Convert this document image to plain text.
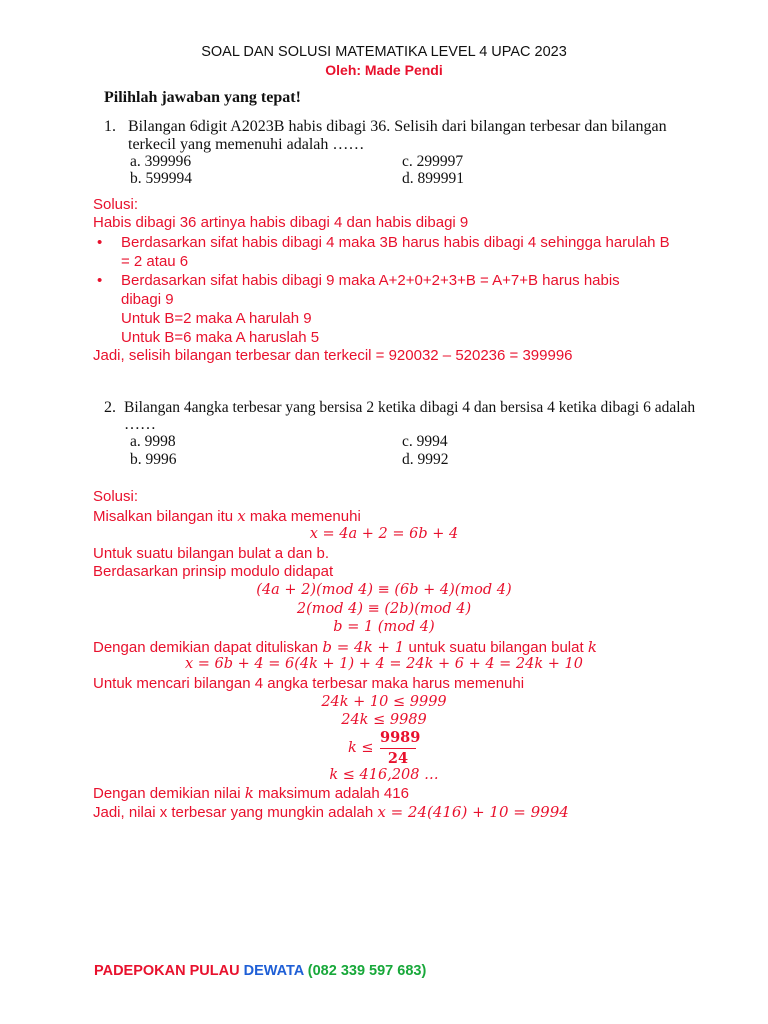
SOAL DAN SOLUSI MATEMATIKA LEVEL 4 UPAC 2023
Oleh: Made Pendi
Pilihlah jawaban yang tepat!
1. Bilangan 6digit A2023B habis dibagi 36. Selisih dari bilangan terbesar dan bilangan
terkecil yang memenuhi adalah ……
a. 399996
b. 599994
c. 299997
d. 899991
Solusi:
Habis dibagi 36 artinya habis dibagi 4 dan habis dibagi 9
• Berdasarkan sifat habis dibagi 4 maka 3B harus habis dibagi 4 sehingga harulah B
= 2 atau 6
• Berdasarkan sifat habis dibagi 9 maka A+2+0+2+3+B = A+7+B harus habis
dibagi 9
Untuk B=2 maka A harulah 9
Untuk B=6 maka A haruslah 5
Jadi, selisih bilangan terbesar dan terkecil = 920032 – 520236 = 399996
2. Bilangan 4angka terbesar yang bersisa 2 ketika dibagi 4 dan bersisa 4 ketika dibagi 6 adalah
……
a. 9998
b. 9996
c. 9994
d. 9992
Solusi:
Misalkan bilangan itu x maka memenuhi
x = 4a + 2 = 6b + 4
Untuk suatu bilangan bulat a dan b.
Berdasarkan prinsip modulo didapat
(4a + 2)(mod 4) ≡ (6b + 4)(mod 4)
2(mod 4) ≡ (2b)(mod 4)
b = 1 (mod 4)
Dengan demikian dapat dituliskan b = 4k + 1 untuk suatu bilangan bulat k
x = 6b + 4 = 6(4k + 1) + 4 = 24k + 6 + 4 = 24k + 10
Untuk mencari bilangan 4 angka terbesar maka harus memenuhi
24k + 10 ≤ 9999
24k ≤ 9989
k ≤
9989
24
k ≤ 416,208 …
Dengan demikian nilai k maksimum adalah 416
Jadi, nilai x terbesar yang mungkin adalah x = 24(416) + 10 = 9994
PADEPOKAN PULAU DEWATA (082 339 597 683)
